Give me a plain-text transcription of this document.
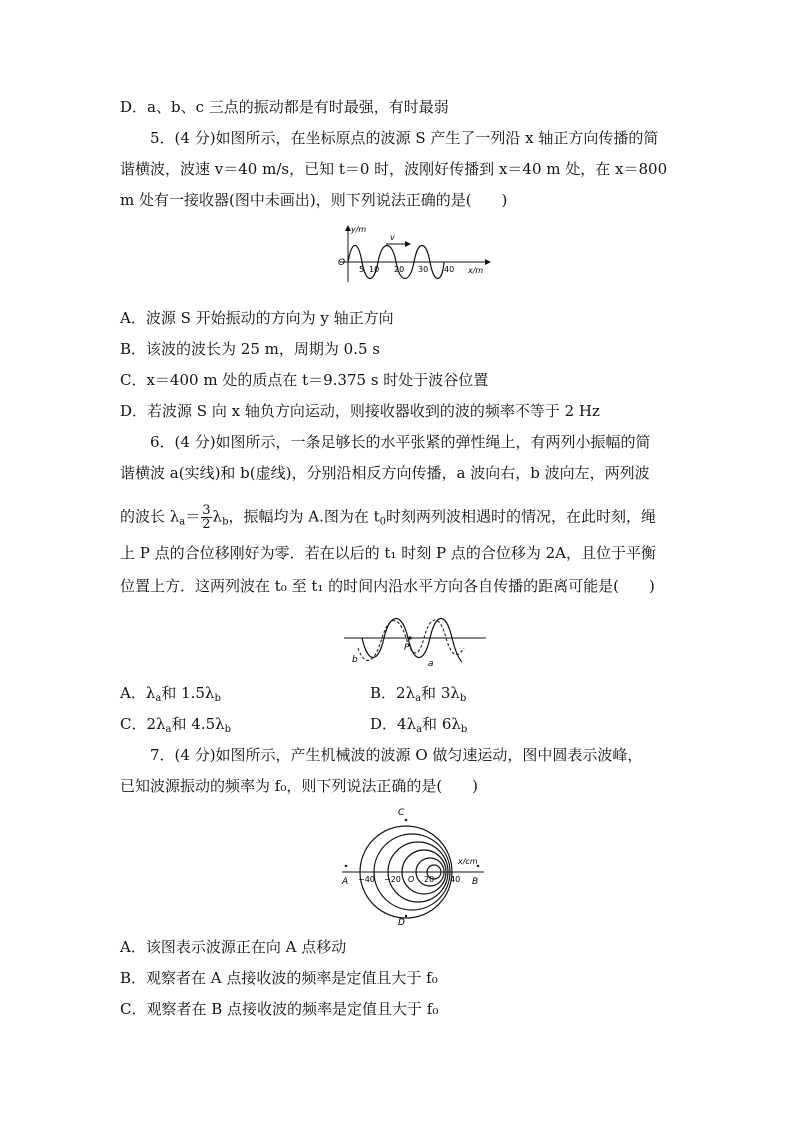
D．a、b、c 三点的振动都是有时最强，有时最弱
5．(4 分)如图所示，在坐标原点的波源 S 产生了一列沿 x 轴正方向传播的简
谐横波，波速 v＝40 m/s，已知 t＝0 时，波刚好传播到 x＝40 m 处，在 x＝800
m 处有一接收器(图中未画出)，则下列说法正确的是(　　)
v
y/m
O
5 10 20 30 40 x/m
A．波源 S 开始振动的方向为 y 轴正方向
B．该波的波长为 25 m，周期为 0.5 s
C．x＝400 m 处的质点在 t＝9.375 s 时处于波谷位置
D．若波源 S 向 x 轴负方向运动，则接收器收到的波的频率不等于 2 Hz
6．(4 分)如图所示，一条足够长的水平张紧的弹性绳上，有两列小振幅的简
谐横波 a(实线)和 b(虚线)，分别沿相反方向传播，a 波向右，b 波向左，两列波
的波长 $\lambda_a= \frac{3}{2} \lambda_b$，振幅均为 A.图为在 $t_0$时刻两列波相遇时的情况，在此时刻，绳
上 P 点的合位移刚好为零．若在以后的 t₁ 时刻 P 点的合位移为 2A，且位于平衡
位置上方．这两列波在 t₀ 至 t₁ 的时间内沿水平方向各自传播的距离可能是(　　)
P
b	a
A．$\lambda_a$和 $1.5\lambda_b$	B．$2\lambda_a$和 $3\lambda_b$
C．$2\lambda_a$和 $4.5\lambda_b$	D．$4\lambda_a$和 $6\lambda_b$
7．(4 分)如图所示，产生机械波的波源 O 做匀速运动，图中圆表示波峰，
已知波源振动的频率为 f₀，则下列说法正确的是(　　)
A	B
C
D
−40 −20 O 20 40
x/cm
A．该图表示波源正在向 A 点移动
B．观察者在 A 点接收波的频率是定值且大于 f₀
C．观察者在 B 点接收波的频率是定值且大于 f₀
